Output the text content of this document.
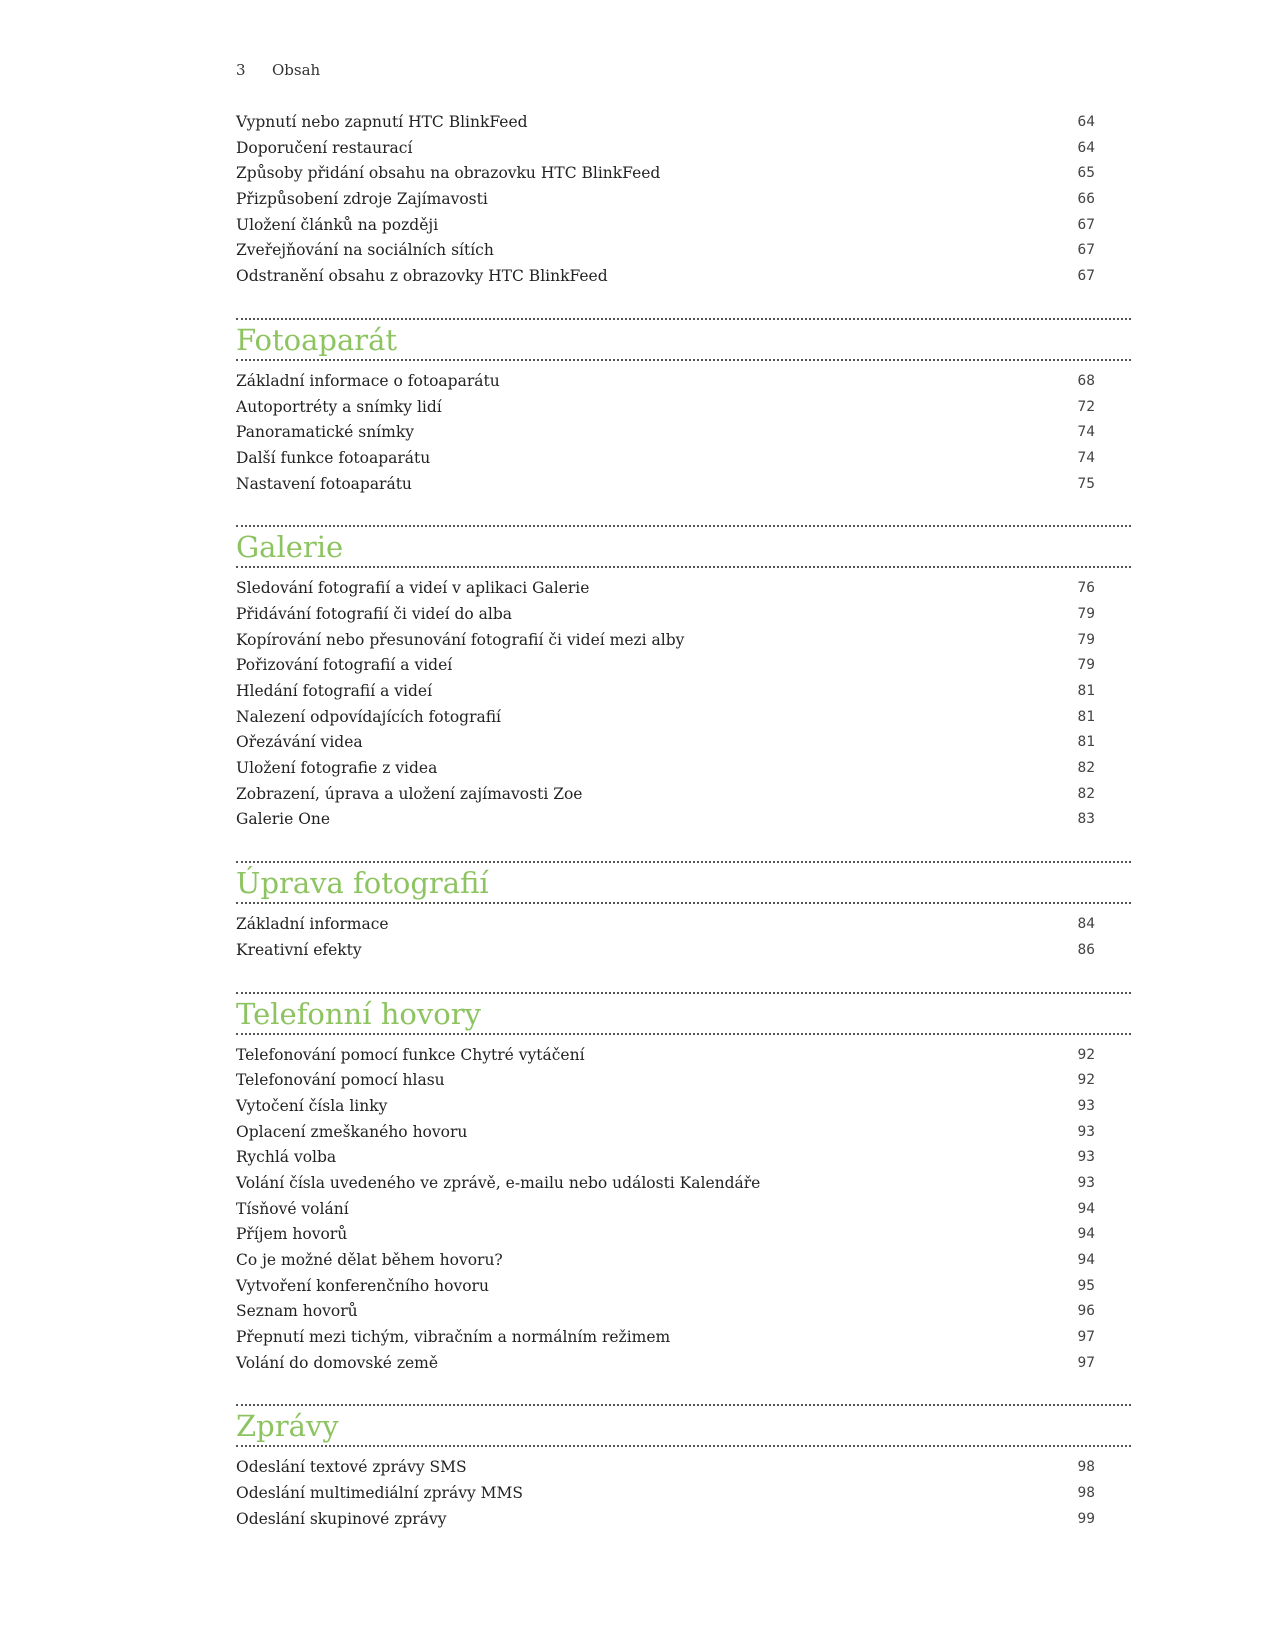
3 Obsah
Vypnutí nebo zapnutí HTC BlinkFeed	64
Doporučení restaurací	64
Způsoby přidání obsahu na obrazovku HTC BlinkFeed	65
Přizpůsobení zdroje Zajímavosti	66
Uložení článků na později	67
Zveřejňování na sociálních sítích	67
Odstranění obsahu z obrazovky HTC BlinkFeed	67
Fotoaparát
Základní informace o fotoaparátu	68
Autoportréty a snímky lidí	72
Panoramatické snímky	74
Další funkce fotoaparátu	74
Nastavení fotoaparátu	75
Galerie
Sledování fotografií a videí v aplikaci Galerie	76
Přidávání fotografií či videí do alba	79
Kopírování nebo přesunování fotografií či videí mezi alby	79
Pořizování fotografií a videí	79
Hledání fotografií a videí	81
Nalezení odpovídajících fotografií	81
Ořezávání videa	81
Uložení fotografie z videa	82
Zobrazení, úprava a uložení zajímavosti Zoe	82
Galerie One	83
Úprava fotografií
Základní informace	84
Kreativní efekty	86
Telefonní hovory
Telefonování pomocí funkce Chytré vytáčení	92
Telefonování pomocí hlasu	92
Vytočení čísla linky	93
Oplacení zmeškaného hovoru	93
Rychlá volba	93
Volání čísla uvedeného ve zprávě, e-mailu nebo události Kalendáře	93
Tísňové volání	94
Příjem hovorů	94
Co je možné dělat během hovoru?	94
Vytvoření konferenčního hovoru	95
Seznam hovorů	96
Přepnutí mezi tichým, vibračním a normálním režimem	97
Volání do domovské země	97
Zprávy
Odeslání textové zprávy SMS	98
Odeslání multimediální zprávy MMS	98
Odeslání skupinové zprávy	99
